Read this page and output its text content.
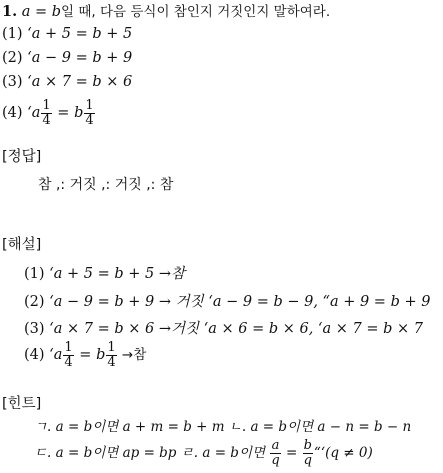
1. a = b일 때, 다음 등식이 참인지 거짓인지 말하여라.
(1) ‘a + 5 = b + 5
(2) ‘a − 9 = b + 9
(3) ‘a × 7 = b × 6
(4) ‘$a \frac{1}{4} = b \frac{1}{4}$
[정답]
참 ,: 거짓 ,: 거짓 ,: 참
[해설]
(1) ‘a + 5 = b + 5 →참
(2) ‘a − 9 = b + 9 → 거짓 ‘a − 9 = b − 9, “a + 9 = b + 9
(3) ‘a × 7 = b × 6 →거짓 ‘a × 6 = b × 6, ‘a × 7 = b × 7
(4) ‘$a \frac{1}{4} = b \frac{1}{4}$ →참
[힌트]
ㄱ. a = b이면 a + m = b + m ㄴ. a = b이면 a − n = b − n
ㄷ. a = b이면 ap = bp ㄹ. a = b이면 $\frac{a}{q} = \frac{b}{q}$ “‘(q ≠ 0)
